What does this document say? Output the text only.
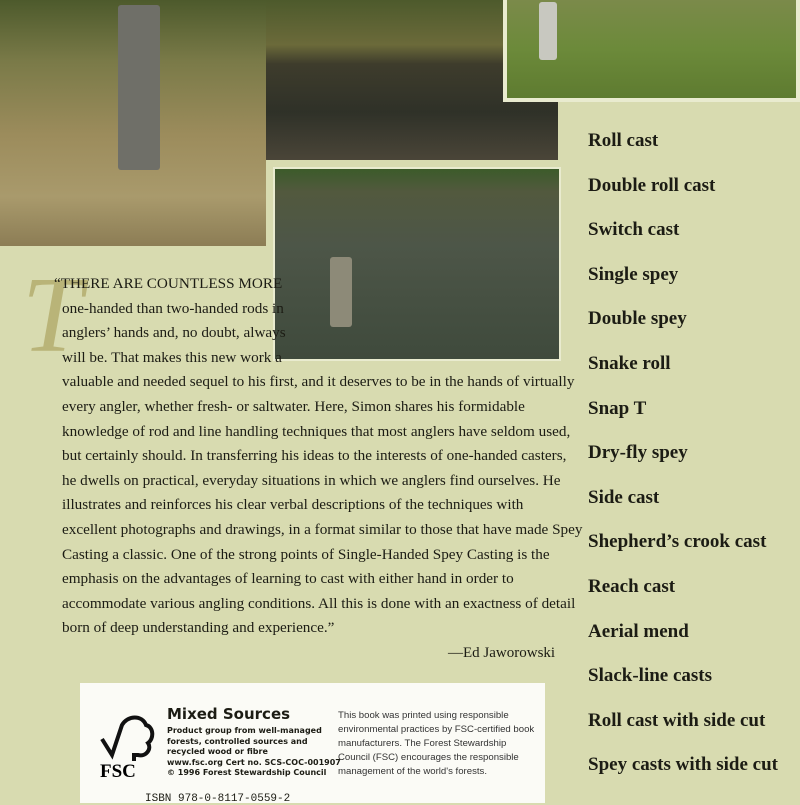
T
“THERE ARE COUNTLESS MORE
one-handed than two-handed rods in
anglers’ hands and, no doubt, always
will be. That makes this new work a
valuable and needed sequel to his first, and it deserves to be in the hands of virtually
every angler, whether fresh- or saltwater. Here, Simon shares his formidable
knowledge of rod and line handling techniques that most anglers have seldom used,
but certainly should. In transferring his ideas to the interests of one-handed casters,
he dwells on practical, everyday situations in which we anglers find ourselves. He
illustrates and reinforces his clear verbal descriptions of the techniques with
excellent photographs and drawings, in a format similar to those that have made Spey
Casting a classic. One of the strong points of Single-Handed Spey Casting is the
emphasis on the advantages of learning to cast with either hand in order to
accommodate various angling conditions. All this is done with an exactness of detail
born of deep understanding and experience.”
—Ed Jaworowski
Roll cast
Double roll cast
Switch cast
Single spey
Double spey
Snake roll
Snap T
Dry-fly spey
Side cast
Shepherd’s crook cast
Reach cast
Aerial mend
Slack-line casts
Roll cast with side cut
Spey casts with side cut
FSC
Mixed Sources
Product group from well-managed forests, controlled sources and recycled wood or fibre
www.fsc.org Cert no. SCS-COC-001907
© 1996 Forest Stewardship Council
This book was printed using responsible environmental practices by FSC-certified book manufacturers. The Forest Stewardship Council (FSC) encourages the responsible management of the world's forests.
ISBN 978-0-8117-0559-2
